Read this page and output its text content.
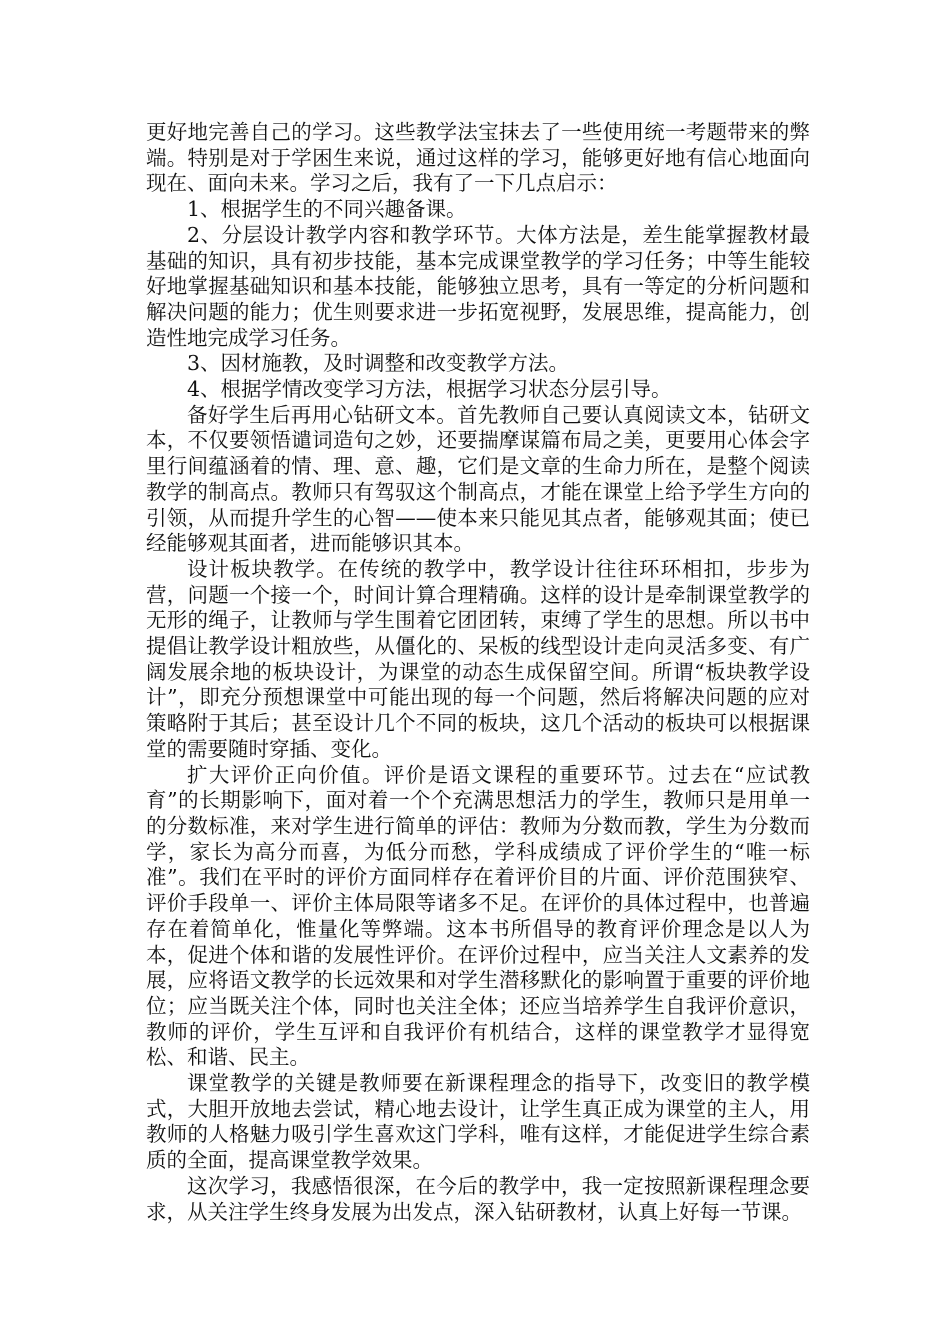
更好地完善自己的学习。这些教学法宝抹去了一些使用统一考题带来的弊端。特别是对于学困生来说，通过这样的学习，能够更好地有信心地面向现在、面向未来。学习之后，我有了一下几点启示：

1、根据学生的不同兴趣备课。

2、分层设计教学内容和教学环节。大体方法是，差生能掌握教材最基础的知识，具有初步技能，基本完成课堂教学的学习任务；中等生能较好地掌握基础知识和基本技能，能够独立思考，具有一等定的分析问题和解决问题的能力；优生则要求进一步拓宽视野，发展思维，提高能力，创造性地完成学习任务。

3、因材施教，及时调整和改变教学方法。

4、根据学情改变学习方法，根据学习状态分层引导。

备好学生后再用心钻研文本。首先教师自己要认真阅读文本，钻研文本，不仅要领悟谴词造句之妙，还要揣摩谋篇布局之美，更要用心体会字里行间蕴涵着的情、理、意、趣，它们是文章的生命力所在，是整个阅读教学的制高点。教师只有驾驭这个制高点，才能在课堂上给予学生方向的引领，从而提升学生的心智——使本来只能见其点者，能够观其面；使已经能够观其面者，进而能够识其本。

设计板块教学。在传统的教学中，教学设计往往环环相扣，步步为营，问题一个接一个，时间计算合理精确。这样的设计是牵制课堂教学的无形的绳子，让教师与学生围着它团团转，束缚了学生的思想。所以书中提倡让教学设计粗放些，从僵化的、呆板的线型设计走向灵活多变、有广阔发展余地的板块设计，为课堂的动态生成保留空间。所谓“板块教学设计”，即充分预想课堂中可能出现的每一个问题，然后将解决问题的应对策略附于其后；甚至设计几个不同的板块，这几个活动的板块可以根据课堂的需要随时穿插、变化。

扩大评价正向价值。评价是语文课程的重要环节。过去在“应试教育”的长期影响下，面对着一个个充满思想活力的学生，教师只是用单一的分数标准，来对学生进行简单的评估：教师为分数而教，学生为分数而学，家长为高分而喜，为低分而愁，学科成绩成了评价学生的“唯一标准”。我们在平时的评价方面同样存在着评价目的片面、评价范围狭窄、评价手段单一、评价主体局限等诸多不足。在评价的具体过程中，也普遍存在着简单化，惟量化等弊端。这本书所倡导的教育评价理念是以人为本，促进个体和谐的发展性评价。在评价过程中，应当关注人文素养的发展，应将语文教学的长远效果和对学生潜移默化的影响置于重要的评价地位；应当既关注个体，同时也关注全体；还应当培养学生自我评价意识，教师的评价，学生互评和自我评价有机结合，这样的课堂教学才显得宽松、和谐、民主。

课堂教学的关键是教师要在新课程理念的指导下，改变旧的教学模式，大胆开放地去尝试，精心地去设计，让学生真正成为课堂的主人，用教师的人格魅力吸引学生喜欢这门学科，唯有这样，才能促进学生综合素质的全面，提高课堂教学效果。

这次学习，我感悟很深，在今后的教学中，我一定按照新课程理念要求，从关注学生终身发展为出发点，深入钻研教材，认真上好每一节课。
